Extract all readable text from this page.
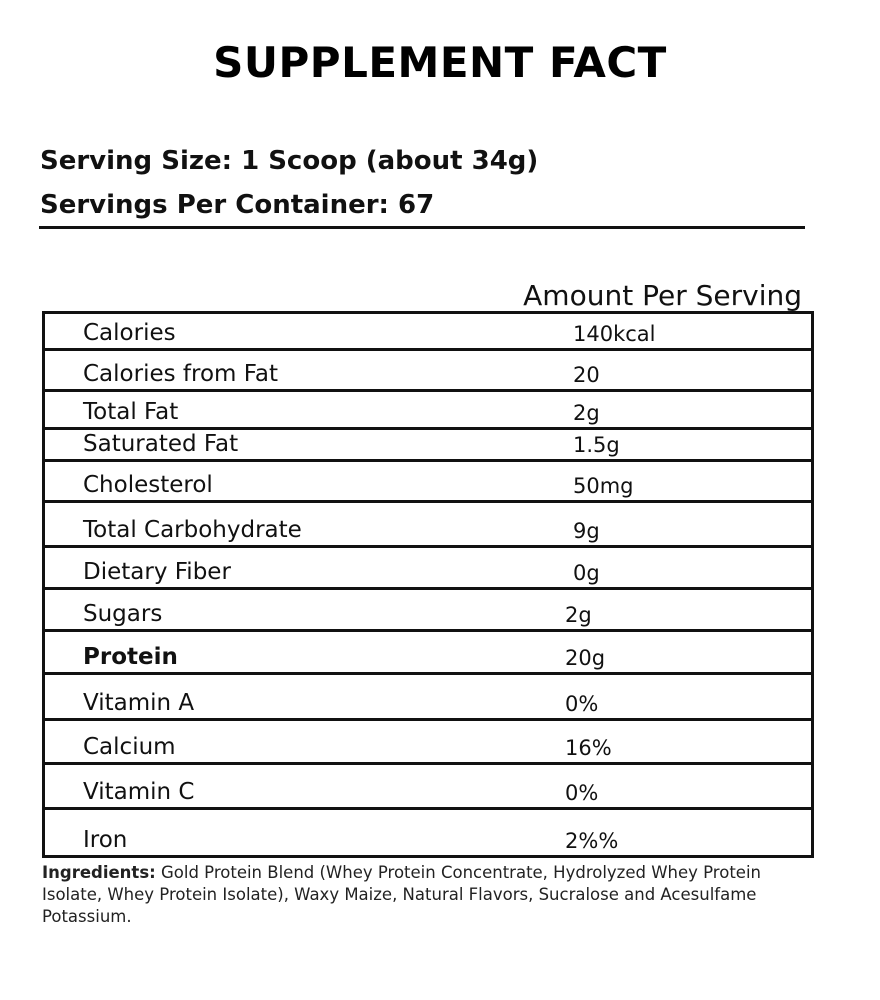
SUPPLEMENT FACT
Serving Size: 1 Scoop (about 34g)
Servings Per Container: 67
Amount Per Serving
Calories	140kcal
Calories from Fat	20
Total Fat	2g
Saturated Fat	1.5g
Cholesterol	50mg
Total Carbohydrate	9g
Dietary Fiber	0g
Sugars	2g
Protein	20g
Vitamin A	0%
Calcium	16%
Vitamin C	0%
Iron	2%%
Ingredients: Gold Protein Blend (Whey Protein Concentrate, Hydrolyzed Whey Protein Isolate, Whey Protein Isolate), Waxy Maize, Natural Flavors, Sucralose and Acesulfame Potassium.
